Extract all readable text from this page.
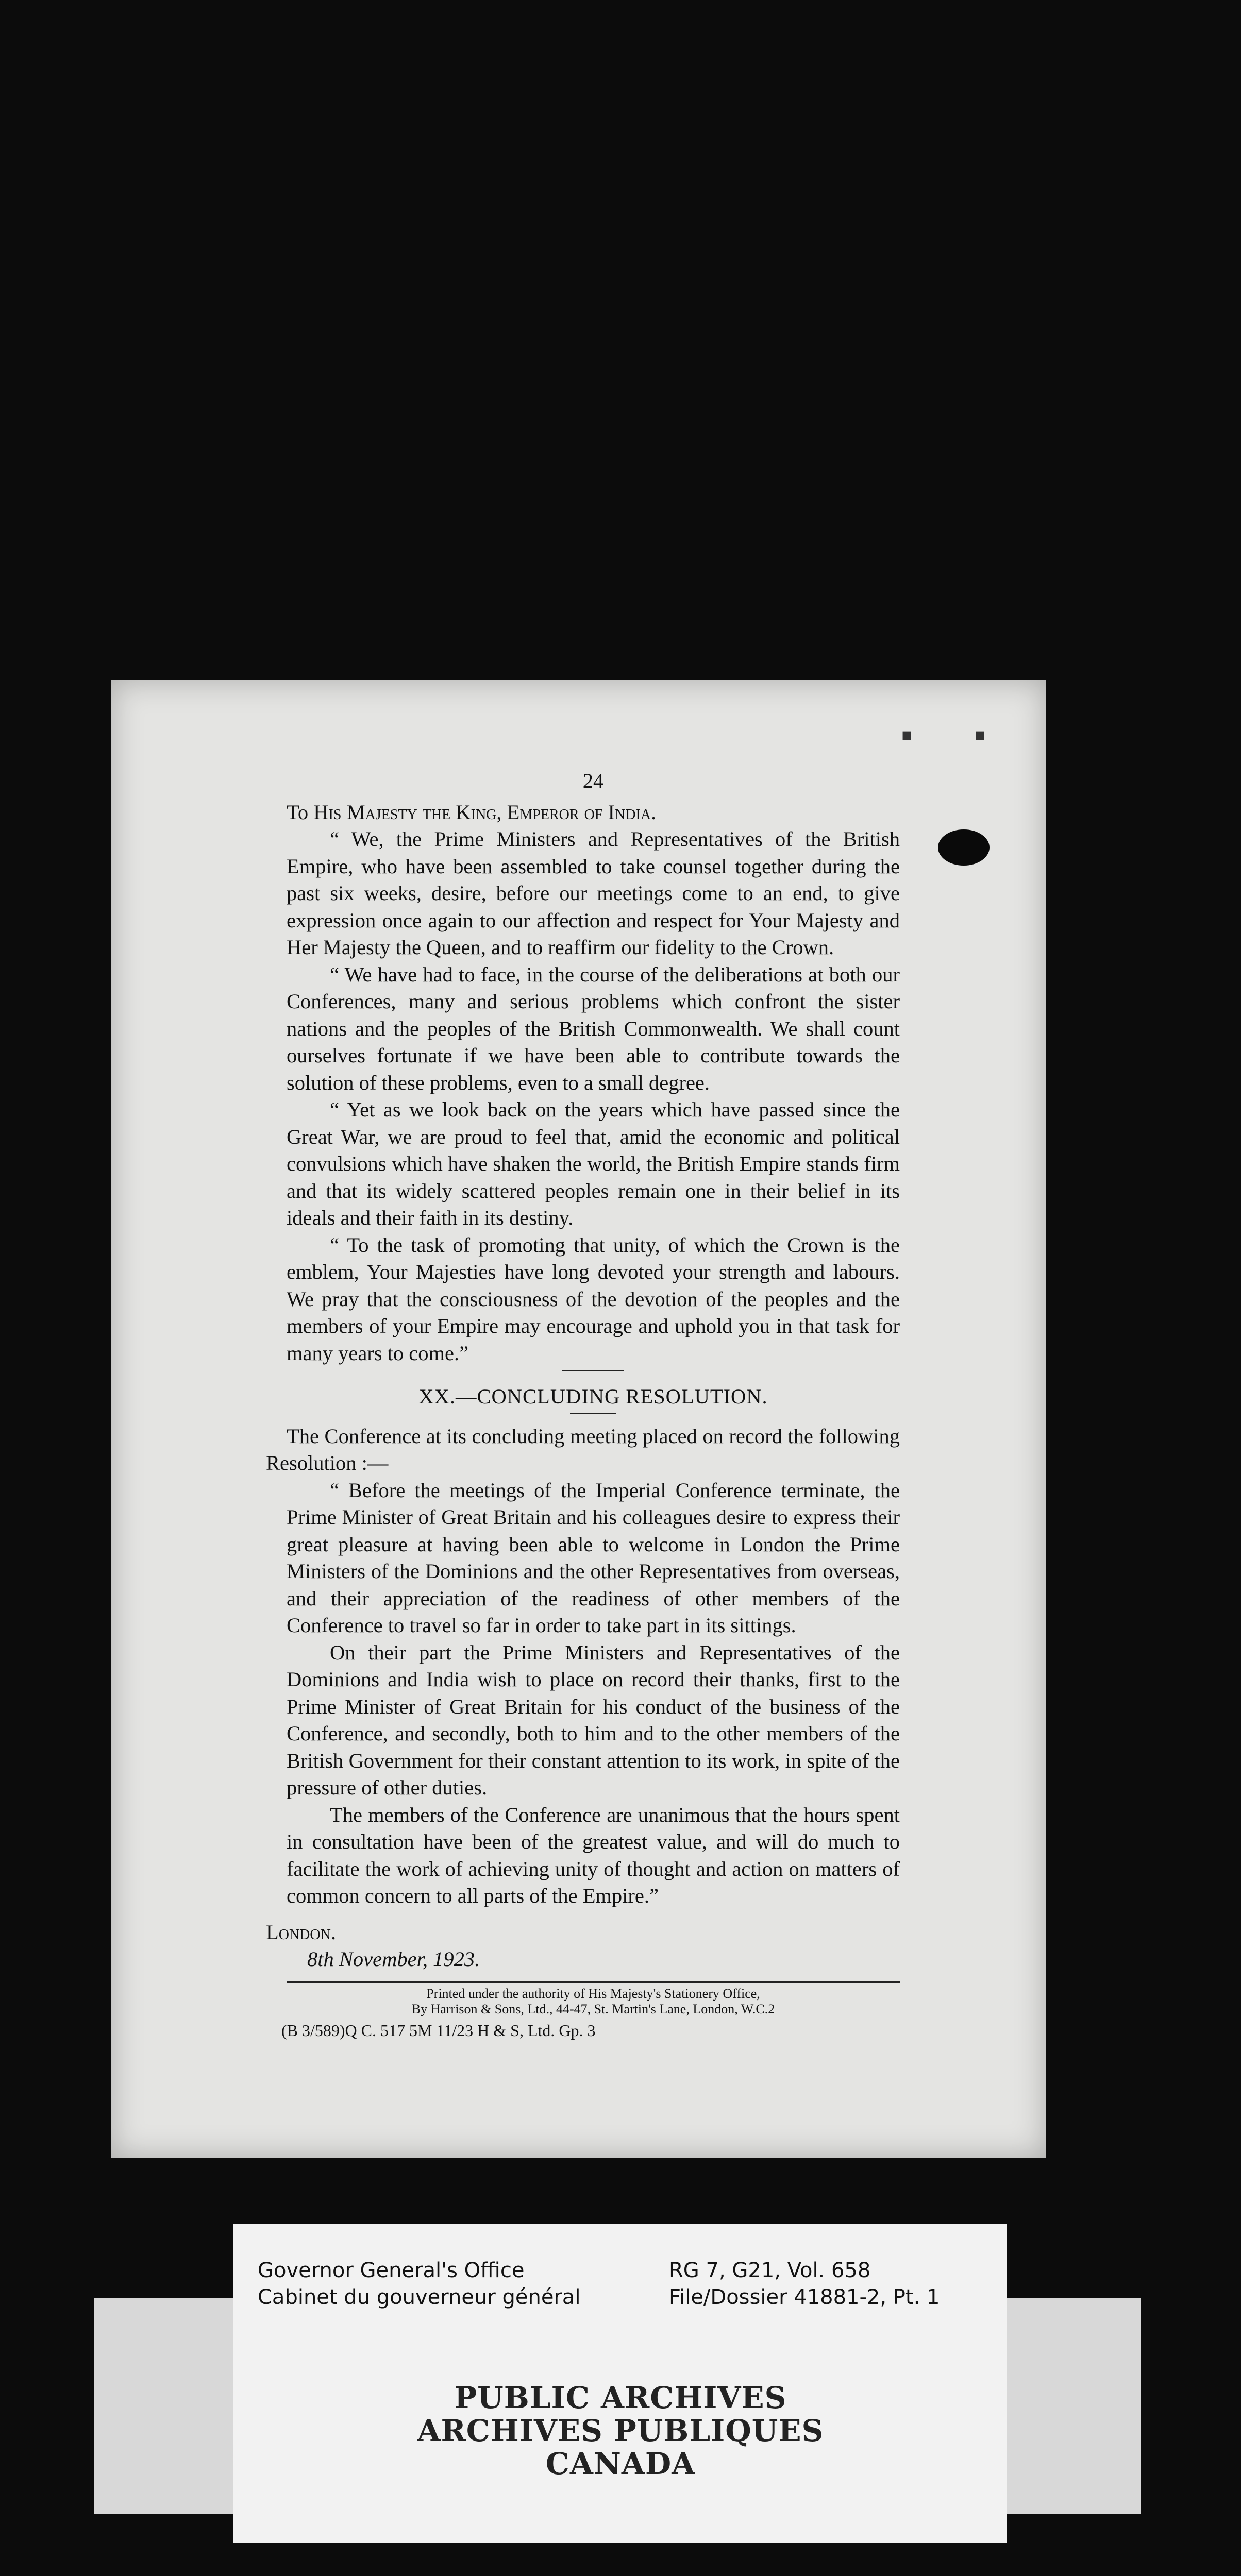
■ ■
24

To His Majesty the King, Emperor of India.

“ We, the Prime Ministers and Representatives of the British Empire, who have been assembled to take counsel together during the past six weeks, desire, before our meetings come to an end, to give expression once again to our affection and respect for Your Majesty and Her Majesty the Queen, and to reaffirm our fidelity to the Crown.

“ We have had to face, in the course of the deliberations at both our Conferences, many and serious problems which confront the sister nations and the peoples of the British Commonwealth. We shall count ourselves fortunate if we have been able to contribute towards the solution of these problems, even to a small degree.

“ Yet as we look back on the years which have passed since the Great War, we are proud to feel that, amid the economic and political convulsions which have shaken the world, the British Empire stands firm and that its widely scattered peoples remain one in their belief in its ideals and their faith in its destiny.

“ To the task of promoting that unity, of which the Crown is the emblem, Your Majesties have long devoted your strength and labours. We pray that the consciousness of the devotion of the peoples and the members of your Empire may encourage and uphold you in that task for many years to come.”

XX.—CONCLUDING RESOLUTION.

The Conference at its concluding meeting placed on record the following Resolution :—

“ Before the meetings of the Imperial Conference terminate, the Prime Minister of Great Britain and his colleagues desire to express their great pleasure at having been able to welcome in London the Prime Ministers of the Dominions and the other Representatives from overseas, and their appreciation of the readiness of other members of the Conference to travel so far in order to take part in its sittings.

On their part the Prime Ministers and Representatives of the Dominions and India wish to place on record their thanks, first to the Prime Minister of Great Britain for his conduct of the business of the Conference, and secondly, both to him and to the other members of the British Government for their constant attention to its work, in spite of the pressure of other duties.

The members of the Conference are unanimous that the hours spent in consultation have been of the greatest value, and will do much to facilitate the work of achieving unity of thought and action on matters of common concern to all parts of the Empire.”

London.

8th November, 1923.

Printed under the authority of His Majesty's Stationery Office,
By Harrison & Sons, Ltd., 44-47, St. Martin's Lane, London, W.C.2
(B 3/589)Q C. 517 5M 11/23 H & S, Ltd. Gp. 3
Governor General's Office
Cabinet du gouverneur général
RG 7, G21, Vol. 658
File/Dossier 41881-2, Pt. 1
PUBLIC ARCHIVES
ARCHIVES PUBLIQUES
CANADA
